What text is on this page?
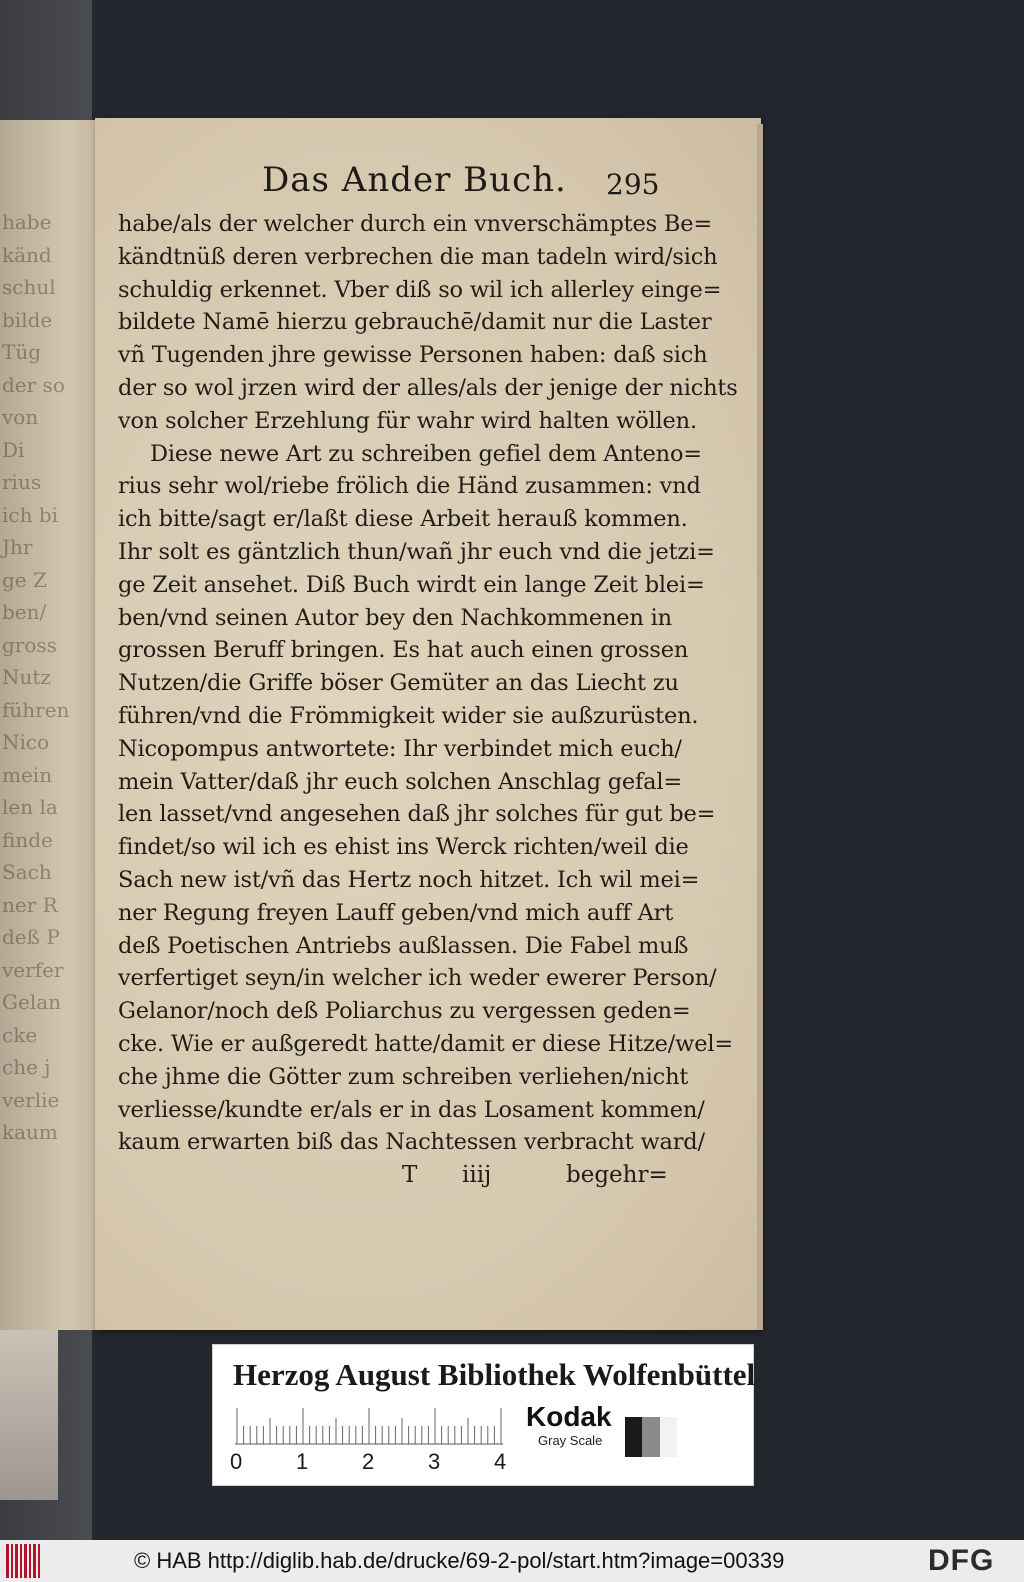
habe
känd
schul
bilde
Tüg
der so
von
Di
rius
ich bi
Jhr
ge Z
ben/
gross
Nutz
führen
Nico
mein
len la
finde
Sach
ner R
deß P
verfer
Gelan
cke
che j
verlie
kaum
Das Ander Buch. 295
habe/als der welcher durch ein vnverschämptes Be=
kändtnüß deren verbrechen die man tadeln wird/sich
schuldig erkennet. Vber diß so wil ich allerley einge=
bildete Namē hierzu gebrauchē/damit nur die Laster
vñ Tugenden jhre gewisse Personen haben: daß sich
der so wol jrzen wird der alles/als der jenige der nichts
von solcher Erzehlung für wahr wird halten wöllen.
Diese newe Art zu schreiben gefiel dem Anteno=
rius sehr wol/riebe frölich die Händ zusammen: vnd
ich bitte/sagt er/laßt diese Arbeit herauß kommen.
Ihr solt es gäntzlich thun/wañ jhr euch vnd die jetzi=
ge Zeit ansehet. Diß Buch wirdt ein lange Zeit blei=
ben/vnd seinen Autor bey den Nachkommenen in
grossen Beruff bringen. Es hat auch einen grossen
Nutzen/die Griffe böser Gemüter an das Liecht zu
führen/vnd die Frömmigkeit wider sie außzurüsten.
Nicopompus antwortete: Ihr verbindet mich euch/
mein Vatter/daß jhr euch solchen Anschlag gefal=
len lasset/vnd angesehen daß jhr solches für gut be=
findet/so wil ich es ehist ins Werck richten/weil die
Sach new ist/vñ das Hertz noch hitzet. Ich wil mei=
ner Regung freyen Lauff geben/vnd mich auff Art
deß Poetischen Antriebs außlassen. Die Fabel muß
verfertiget seyn/in welcher ich weder ewerer Person/
Gelanor/noch deß Poliarchus zu vergessen geden=
cke. Wie er außgeredt hatte/damit er diese Hitze/wel=
che jhme die Götter zum schreiben verliehen/nicht
verliesse/kundte er/als er in das Losament kommen/
kaum erwarten biß das Nachtessen verbracht ward/
T iiij	begehr=
Herzog August Bibliothek Wolfenbüttel
0 1 2 3 4
Kodak
Gray Scale
© HAB http://diglib.hab.de/drucke/69-2-pol/start.htm?image=00339	DFG
